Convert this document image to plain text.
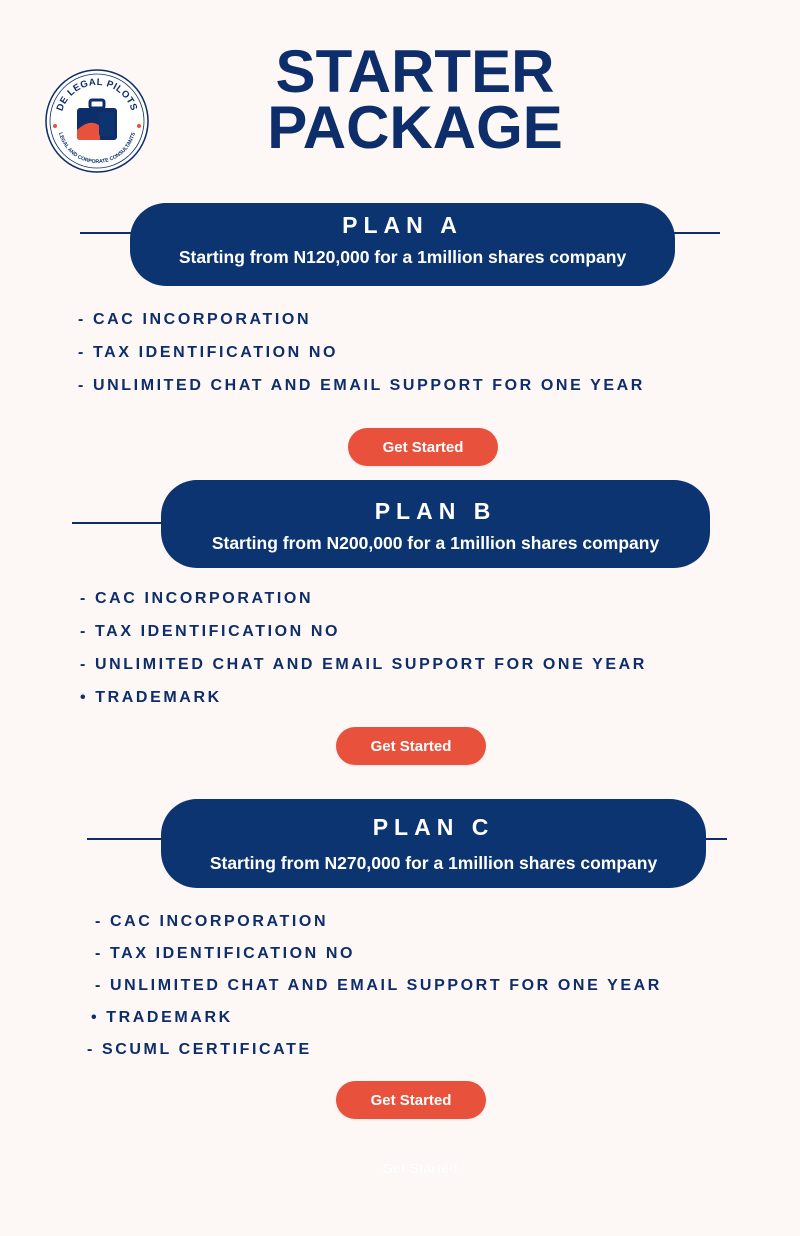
DE LEGAL PILOTS
LEGAL AND CORPORATE CONSULTANTS
STARTER
PACKAGE
PLAN A
Starting from N120,000 for a 1million shares company
- CAC INCORPORATION
- TAX IDENTIFICATION NO
- UNLIMITED CHAT AND EMAIL SUPPORT FOR ONE YEAR
Get Started
PLAN B
Starting from N200,000 for a 1million shares company
- CAC INCORPORATION
- TAX IDENTIFICATION NO
- UNLIMITED CHAT AND EMAIL SUPPORT FOR ONE YEAR
• TRADEMARK
Get Started
PLAN C
Starting from N270,000 for a 1million shares company
- CAC INCORPORATION
- TAX IDENTIFICATION NO
- UNLIMITED CHAT AND EMAIL SUPPORT FOR ONE YEAR
• TRADEMARK
- SCUML CERTIFICATE
Get Started
Get Started
